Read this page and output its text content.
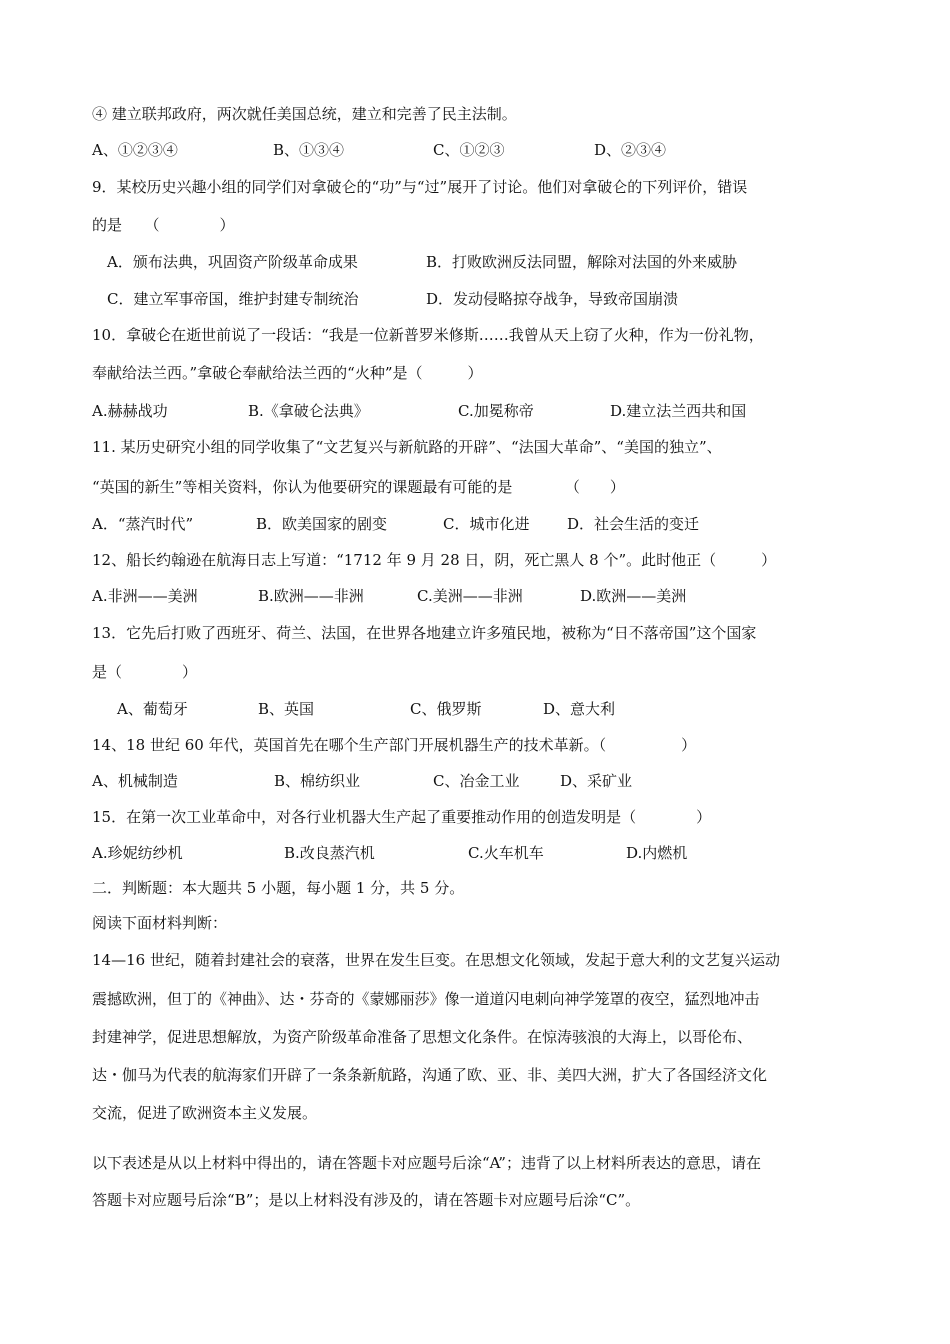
④ 建立联邦政府，两次就任美国总统，建立和完善了民主法制。
A、①②③④	B、①③④	C、①②③	D、②③④
9．某校历史兴趣小组的同学们对拿破仑的“功”与“过”展开了讨论。他们对拿破仑的下列评价，错误
的是　　（　　　　）
A．颁布法典，巩固资产阶级革命成果	B．打败欧洲反法同盟，解除对法国的外来威胁
C．建立军事帝国，维护封建专制统治	D．发动侵略掠夺战争，导致帝国崩溃
10．拿破仑在逝世前说了一段话：“我是一位新普罗米修斯……我曾从天上窃了火种，作为一份礼物，
奉献给法兰西。”拿破仑奉献给法兰西的“火种”是（　　　）
A.赫赫战功	B.《拿破仑法典》	C.加冕称帝	D.建立法兰西共和国
11. 某历史研究小组的同学收集了“文艺复兴与新航路的开辟”、“法国大革命”、“美国的独立”、
“英国的新生”等相关资料，你认为他要研究的课题最有可能的是　　　　（　　）
A．“蒸汽时代”	B．欧美国家的剧变	C．城市化进	D．社会生活的变迁
12、船长约翰逊在航海日志上写道：“1712 年 9 月 28 日，阴，死亡黑人 8 个”。此时他正（　　　）
A.非洲——美洲	B.欧洲——非洲	C.美洲——非洲	D.欧洲——美洲
13．它先后打败了西班牙、荷兰、法国，在世界各地建立许多殖民地，被称为“日不落帝国”这个国家
是（　　　　）
A、葡萄牙	B、英国	C、俄罗斯	D、意大利
14、18 世纪 60 年代，英国首先在哪个生产部门开展机器生产的技术革新。（　　　　　）
A、机械制造	B、棉纺织业	C、冶金工业	D、采矿业
15．在第一次工业革命中，对各行业机器大生产起了重要推动作用的创造发明是（　　　　）
A.珍妮纺纱机	B.改良蒸汽机	C.火车机车	D.内燃机
二．判断题：本大题共 5 小题，每小题 1 分，共 5 分。
阅读下面材料判断：
14—16 世纪，随着封建社会的衰落，世界在发生巨变。在思想文化领域，发起于意大利的文艺复兴运动
震撼欧洲，但丁的《神曲》、达・芬奇的《蒙娜丽莎》像一道道闪电刺向神学笼罩的夜空，猛烈地冲击
封建神学，促进思想解放，为资产阶级革命准备了思想文化条件。在惊涛骇浪的大海上，以哥伦布、
达・伽马为代表的航海家们开辟了一条条新航路，沟通了欧、亚、非、美四大洲，扩大了各国经济文化
交流，促进了欧洲资本主义发展。
以下表述是从以上材料中得出的，请在答题卡对应题号后涂“A”；违背了以上材料所表达的意思，请在
答题卡对应题号后涂“B”；是以上材料没有涉及的，请在答题卡对应题号后涂“C”。
